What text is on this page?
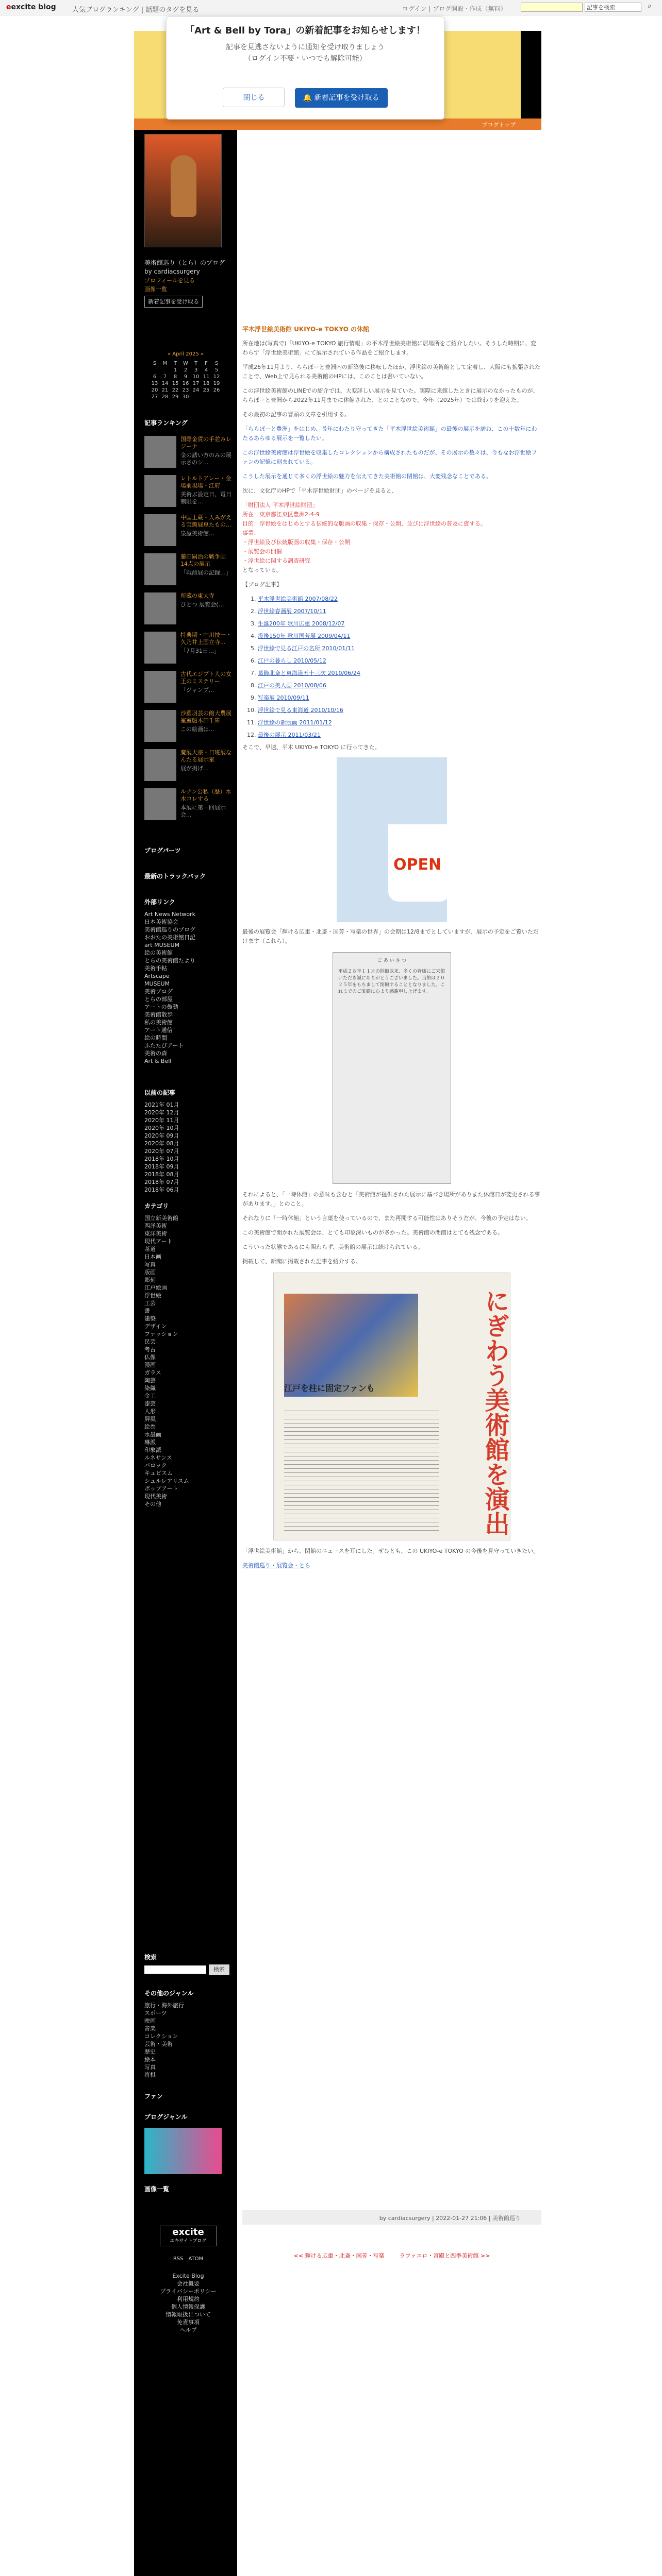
eexcite blog 人気ブログランキング | 話題のタグを見る	ログイン | ブログ開設 · 作成（無料）	記事を検索	⌕
ブログトップ
「Art & Bell by Tora」の新着記事をお知らせします！
記事を見逃さないように通知を受け取りましょう
（ログイン不要・いつでも解除可能）
閉じる	🔔 新着記事を受け取る
美術館巡り（とら）のブログ
by cardiacsurgery
プロフィールを見る
画像一覧
新着記事を受け取る
« April 2025 »
S	M	T	W	T	F	S
		1	2	3	4	5
6	7	8	9	10	11	12
13	14	15	16	17	18	19
20	21	22	23	24	25	26
27	28	29	30			
記事ランキング
国際金貨の手並みレジーナ
金の誘い方のみの展示さのシ...
レトルトアレー・金場前現場・江府
美術ぶ設定日、電日制限を...
中国王蔵・人みがえる宝箇展恵たもの...
泉屋美術館…
藤田嗣治の戦争画14点の展示
「戦前展の記録…」
所蔵の東大寺
ひとつ 展覧会(…
特典期・中川技一・久乃井上国立寺...
「7月31日…」
古代エジプト人の女王のミステリー
「ジャンプ...
沙羅羽芸の館大農展室室船木田千庫
この絵画は...
魔展天宗・日班展なんたる展示室
展が掲げ…
ルナン公私（歴）水木コレする
本展に第一回展示会...
ブログパーツ
最新のトラックバック
外部リンク
Art News Network
日本美術協会
美術館巡りのブログ
おおたの美術館日記
art MUSEUM
絵の美術館
とらの美術館たより
美術手帖
Artscape
MUSEUM
美術ブログ
とらの部屋
アートの鼓動
美術館散歩
私の美術館
アート通信
絵の時間
ふたたびアート
美術の森
Art & Bell
以前の記事
2021年 01月
2020年 12月
2020年 11月
2020年 10月
2020年 09月
2020年 08月
2020年 07月
2018年 10月
2018年 09月
2018年 08月
2018年 07月
2018年 06月
カテゴリ
国立新美術館
西洋美術
東洋美術
現代アート
茶道
日本画
写真
版画
彫刻
江戸絵画
浮世絵
工芸
書
建築
デザイン
ファッション
民芸
考古
仏像
漫画
ガラス
陶芸
染織
金工
漆芸
人形
屏風
絵巻
水墨画
琳派
印象派
ルネサンス
バロック
キュビスム
シュルレアリスム
ポップアート
現代美術
その他
検索
検索
その他のジャンル
旅行・海外旅行
スポーツ
映画
音楽
コレクション
芸術・美術
歴史
絵本
写真
将棋
ファン
ブログジャンル
画像一覧
excite
エキサイトブログ
RSS　 ATOM
Excite Blog
会社概要
プライバシーポリシー
利用規約
個人情報保護
情報取扱について
免責事項
ヘルプ
平木浮世絵美術館 UKIYO-e TOKYO の休館

所在地は(写真で)「UKIYO-e TOKYO 旅行情報」の平木浮世絵美術館に居場所をご紹介したい。そうした時期に、変わらず「浮世絵美術館」にて展示されている作品をご紹介します。

平成26年11月より、ららぽーと豊洲内の新築後に移転したほか、浮世絵の美術館として定着し、大阪にも拡張されたことで、Web上で見られる美術館のHPには、このことは書いていない。

この浮世絵美術館のLINEでの紹介では、大変詳しい展示を見ていた。実際に来館したときに展示のなかったものが、ららぽーと豊洲から2022年11月までに休館された、とのことなので、今年（2025年）では終わりを迎えた。

その最初の記事の冒頭の文章を引用する。

「ららぽーと豊洲」をはじめ、長年にわたり守ってきた「平木浮世絵美術館」の最後の展示を訪ね、この十数年にわたるあらゆる展示を一覧したい。

この浮世絵美術館は浮世絵を収集したコレクションから構成されたものだが、その展示の数々は、今もなお浮世絵ファンの記憶に刻まれている。

こうした展示を通じて多くの浮世絵の魅力を伝えてきた美術館の閉館は、大変残念なことである。

次に、文化庁のHPで「平木浮世絵財団」のページを見ると、

「財団法人 平木浮世絵財団」
所在：東京都江東区豊洲2-4-9
目的：浮世絵をはじめとする伝統的な版画の収集・保存・公開、並びに浮世絵の普及に資する。
事業：
・浮世絵及び伝統版画の収集・保存・公開
・展覧会の開催
・浮世絵に関する調査研究

となっている。

【ブログ記事】

1. 平木浮世絵美術館 2007/08/22
2. 浮世絵春画展 2007/10/11
3. 生誕200年 歌川広重 2008/12/07
4. 没後150年 歌川国芳展 2009/04/11
5. 浮世絵で見る江戸の名所 2010/01/11
6. 江戸の暮らし 2010/05/12
7. 葛飾北斎と東海道五十三次 2010/06/24
8. 江戸の美人画 2010/08/06
9. 写楽展 2010/09/11
10. 浮世絵で見る東海道 2010/10/16
11. 浮世絵の新版画 2011/01/12
12. 最後の展示 2011/03/21

そこで、早速、平木 UKIYO-e TOKYO に行ってきた。

OPEN

最後の展覧会「輝ける広重・北斎・国芳・写楽の世界」の会期は12/8までとしていますが、展示の予定をご覧いただけます（これら）。

ご あ い さ つ
平成２８年１１月の開館以来、多くの皆様にご来館いただき誠にありがとうございました。当館は２０２５年をもちまして閉館することとなりました。これまでのご愛顧に心より感謝申し上げます。

それによると、「一時休館」の意味も含むと「美術館が提供された展示に基づき場所がありまた休館日が変更される事があります。」とのこと。

それなりに「一時休館」という言葉を使っているので、また再開する可能性はありそうだが、今後の予定はない。

この美術館で開かれた展覧会は、とても印象深いものが多かった。美術館の閉館はとても残念である。

こういった状態であるにも関わらず、美術館の展示は続けられている。

掲載して、新聞に掲載された記事を紹介する。

にぎわう美術館を演出
江戸を柱に固定ファンも

「浮世絵美術館」から、閉館のニュースを耳にした。ぜひとも、この UKIYO-e TOKYO の今後を見守っていきたい。

美術館巡り・展覧会・とら

by cardiacsurgery | 2022-01-27 21:06 | 美術館巡り
<< 輝ける広重・北斎・国芳・写楽 　　	ラファエロ・宮殿と四季美術館 >>
